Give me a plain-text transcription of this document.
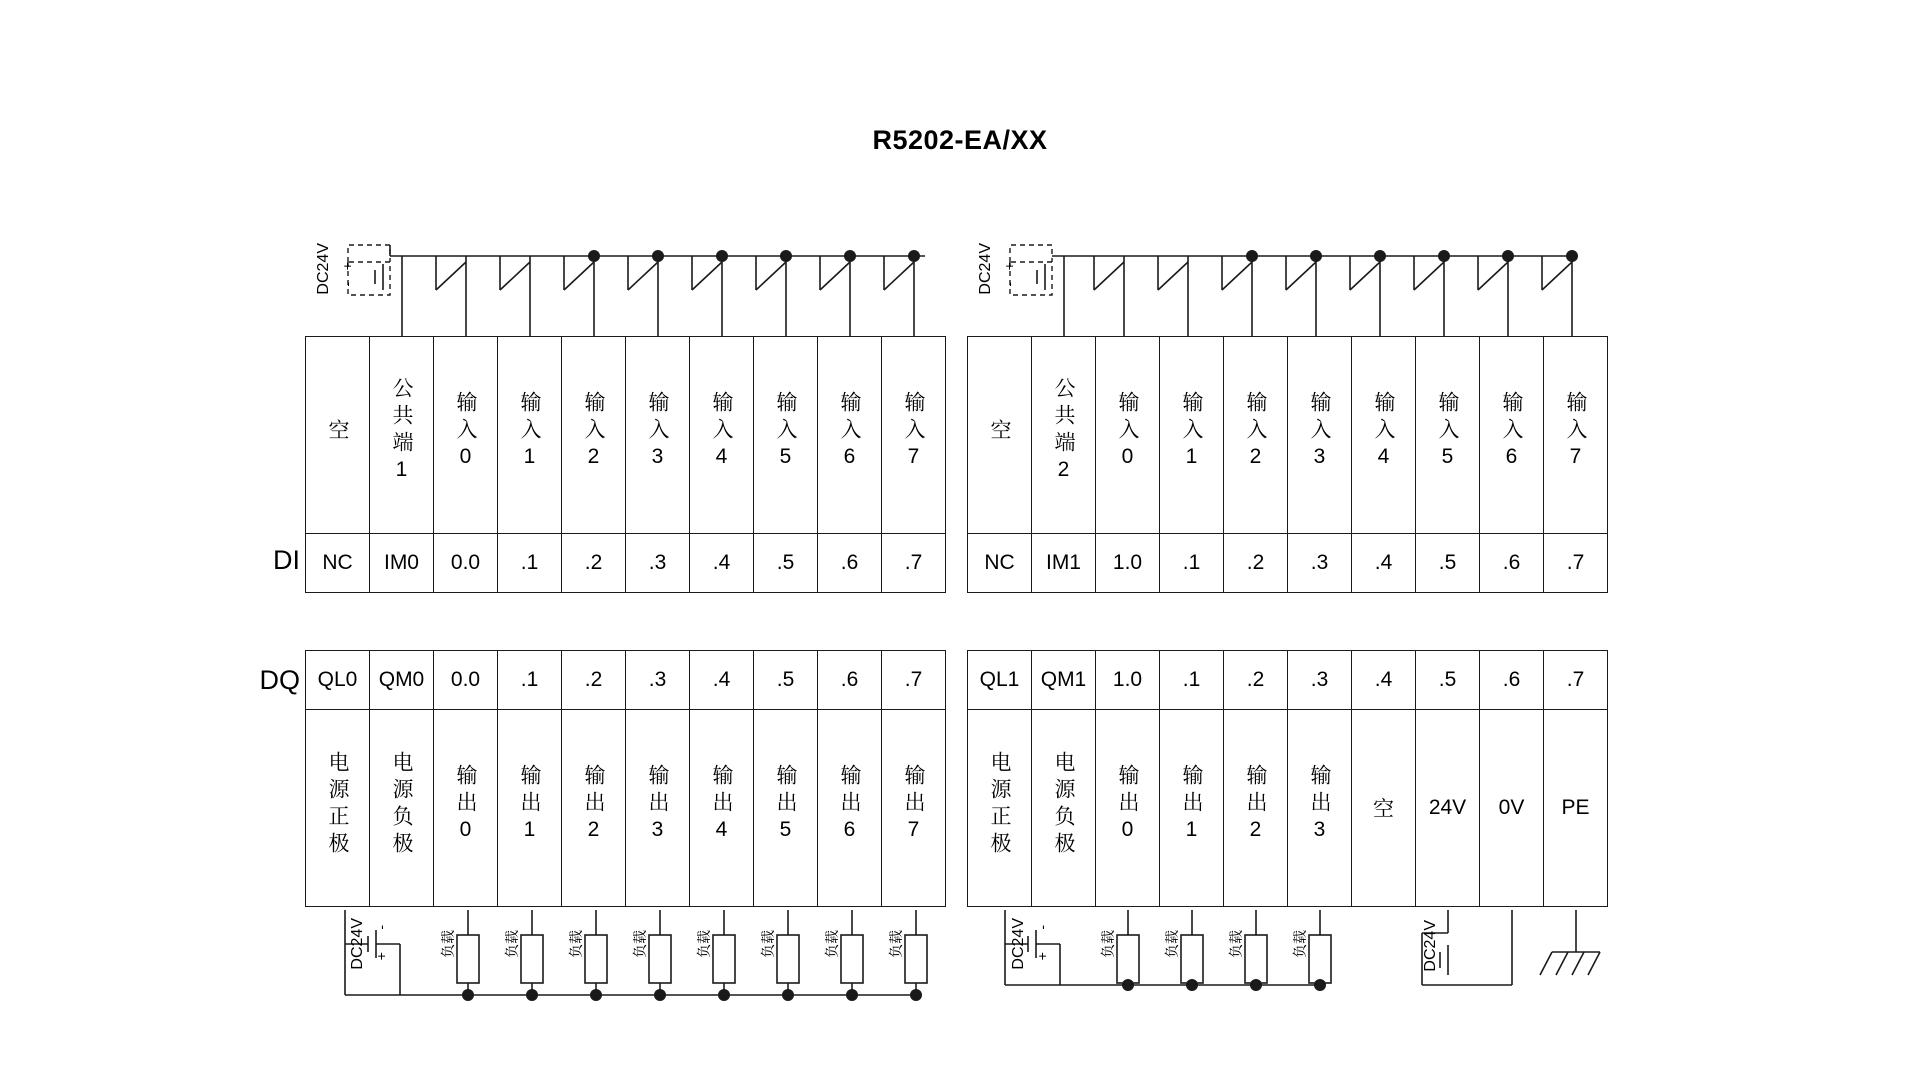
R5202-EA/XX
DC24V +
-	DC24V +
-
DC24V +
-	DC24V +
-	DC24V
负载	负载	负载	负载	负载	负载	负载	负载	负载	负载	负载	负载
DI
DQ
空	公共端1	输入0	输入1	输入2	输入3	输入4	输入5	输入6	输入7
NC	IM0	0.0	.1	.2	.3	.4	.5	.6	.7
空	公共端2	输入0	输入1	输入2	输入3	输入4	输入5	输入6	输入7
NC	IM1	1.0	.1	.2	.3	.4	.5	.6	.7
QL0	QM0	0.0	.1	.2	.3	.4	.5	.6	.7
电源正极	电源负极	输出0	输出1	输出2	输出3	输出4	输出5	输出6	输出7
QL1	QM1	1.0	.1	.2	.3	.4	.5	.6	.7
电源正极	电源负极	输出0	输出1	输出2	输出3	空	24V	0V	PE
